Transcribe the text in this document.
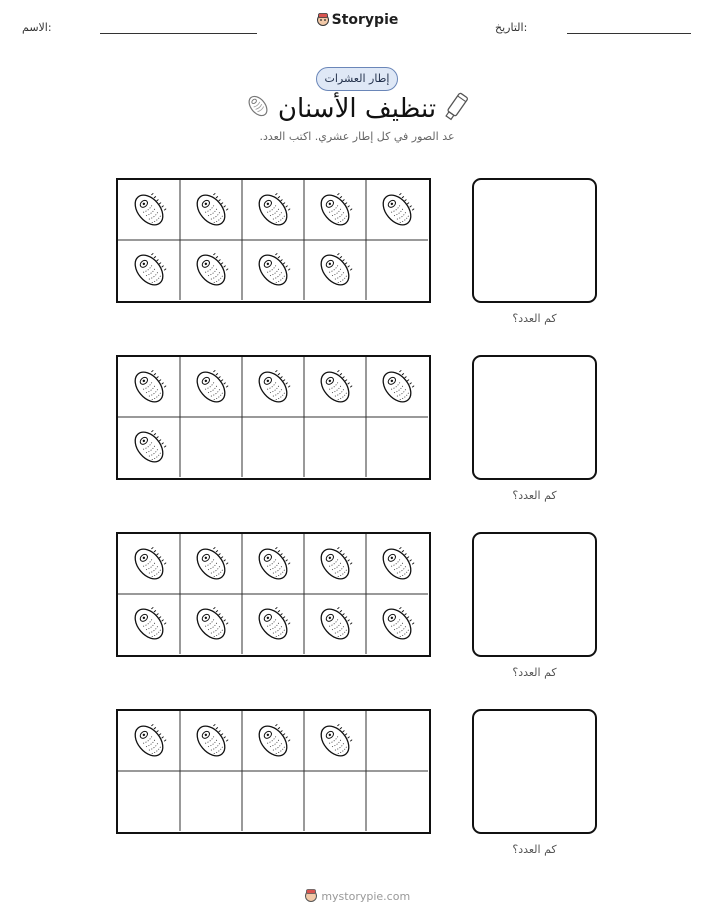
الاسم:	Storypie	التاريخ:
إطار العشرات
تنظيف الأسنان
عد الصور في كل إطار عشري. اكتب العدد.
كم العدد؟
كم العدد؟
كم العدد؟
كم العدد؟
mystorypie.com
